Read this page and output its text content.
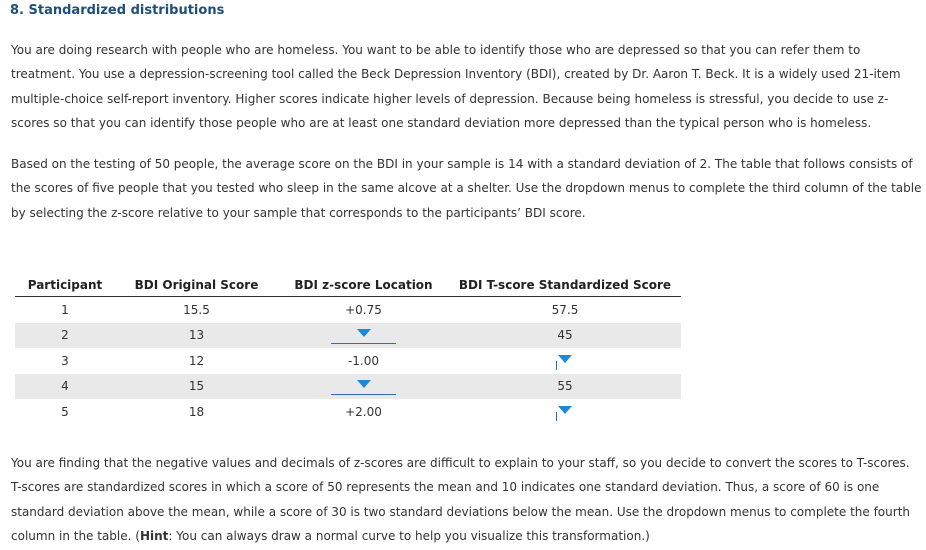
8. Standardized distributions

You are doing research with people who are homeless. You want to be able to identify those who are depressed so that you can refer them to treatment. You use a depression-screening tool called the Beck Depression Inventory (BDI), created by Dr. Aaron T. Beck. It is a widely used 21-item multiple-choice self-report inventory. Higher scores indicate higher levels of depression. Because being homeless is stressful, you decide to use z-scores so that you can identify those people who are at least one standard deviation more depressed than the typical person who is homeless.

Based on the testing of 50 people, the average score on the BDI in your sample is 14 with a standard deviation of 2. The table that follows consists of the scores of five people that you tested who sleep in the same alcove at a shelter. Use the dropdown menus to complete the third column of the table by selecting the z-score relative to your sample that corresponds to the participants’ BDI score.

Participant	BDI Original Score	BDI z-score Location	BDI T-score Standardized Score
1	15.5	+0.75	57.5
2	13		45
3	12	-1.00	

4	15		55
5	18	+2.00	

You are finding that the negative values and decimals of z-scores are difficult to explain to your staff, so you decide to convert the scores to T-scores. T-scores are standardized scores in which a score of 50 represents the mean and 10 indicates one standard deviation. Thus, a score of 60 is one standard deviation above the mean, while a score of 30 is two standard deviations below the mean. Use the dropdown menus to complete the fourth column in the table. (Hint: You can always draw a normal curve to help you visualize this transformation.)
